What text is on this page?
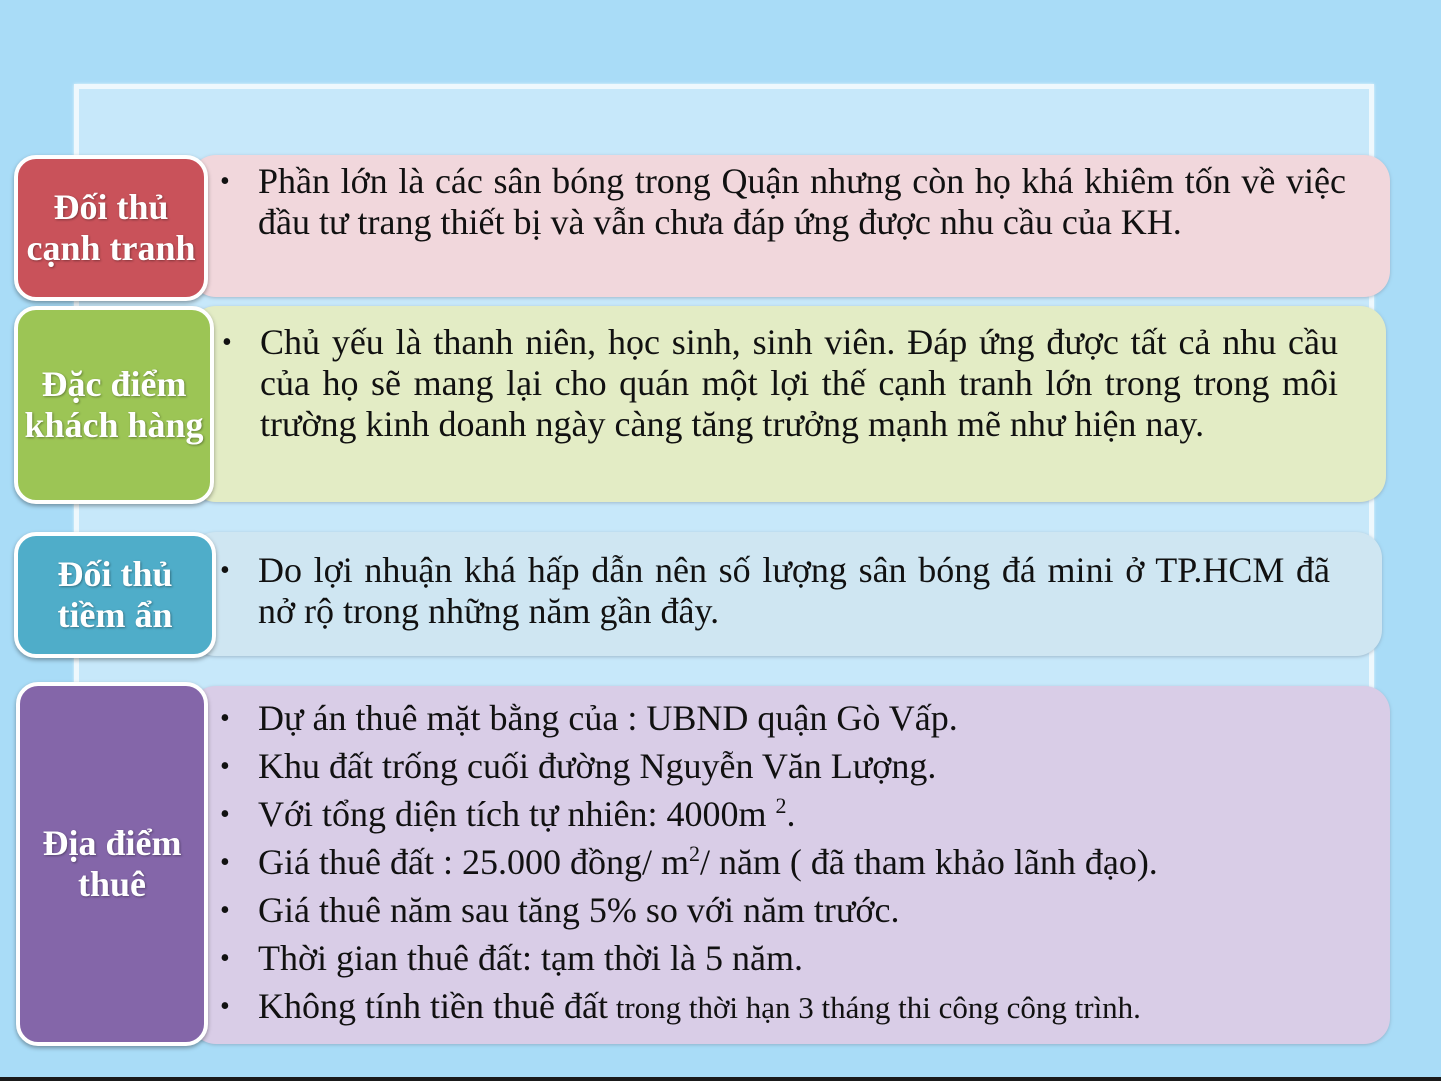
• Phần lớn là các sân bóng trong Quận nhưng còn họ khá khiêm tốn về việc đầu tư trang thiết bị và vẫn chưa đáp ứng được nhu cầu của KH.
Đối thủ cạnh tranh
• Chủ yếu là thanh niên, học sinh, sinh viên. Đáp ứng được tất cả nhu cầu của họ sẽ mang lại cho quán một lợi thế cạnh tranh lớn trong trong môi trường kinh doanh ngày càng tăng trưởng mạnh mẽ như hiện nay.
Đặc điểm khách hàng
• Do lợi nhuận khá hấp dẫn nên số lượng sân bóng đá mini ở TP.HCM đã nở rộ trong những năm gần đây.
Đối thủ tiềm ẩn
• Dự án thuê mặt bằng của : UBND quận Gò Vấp.
• Khu đất trống cuối đường Nguyễn Văn Lượng.
• Với tổng diện tích tự nhiên: 4000m $^2$.
• Giá thuê đất : 25.000 đồng/ $m^2/$ năm ( đã tham khảo lãnh đạo).
• Giá thuê năm sau tăng 5% so với năm trước.
• Thời gian thuê đất: tạm thời là 5 năm.
• Không tính tiền thuê đất trong thời hạn 3 tháng thi công công trình.
Địa điểm thuê
